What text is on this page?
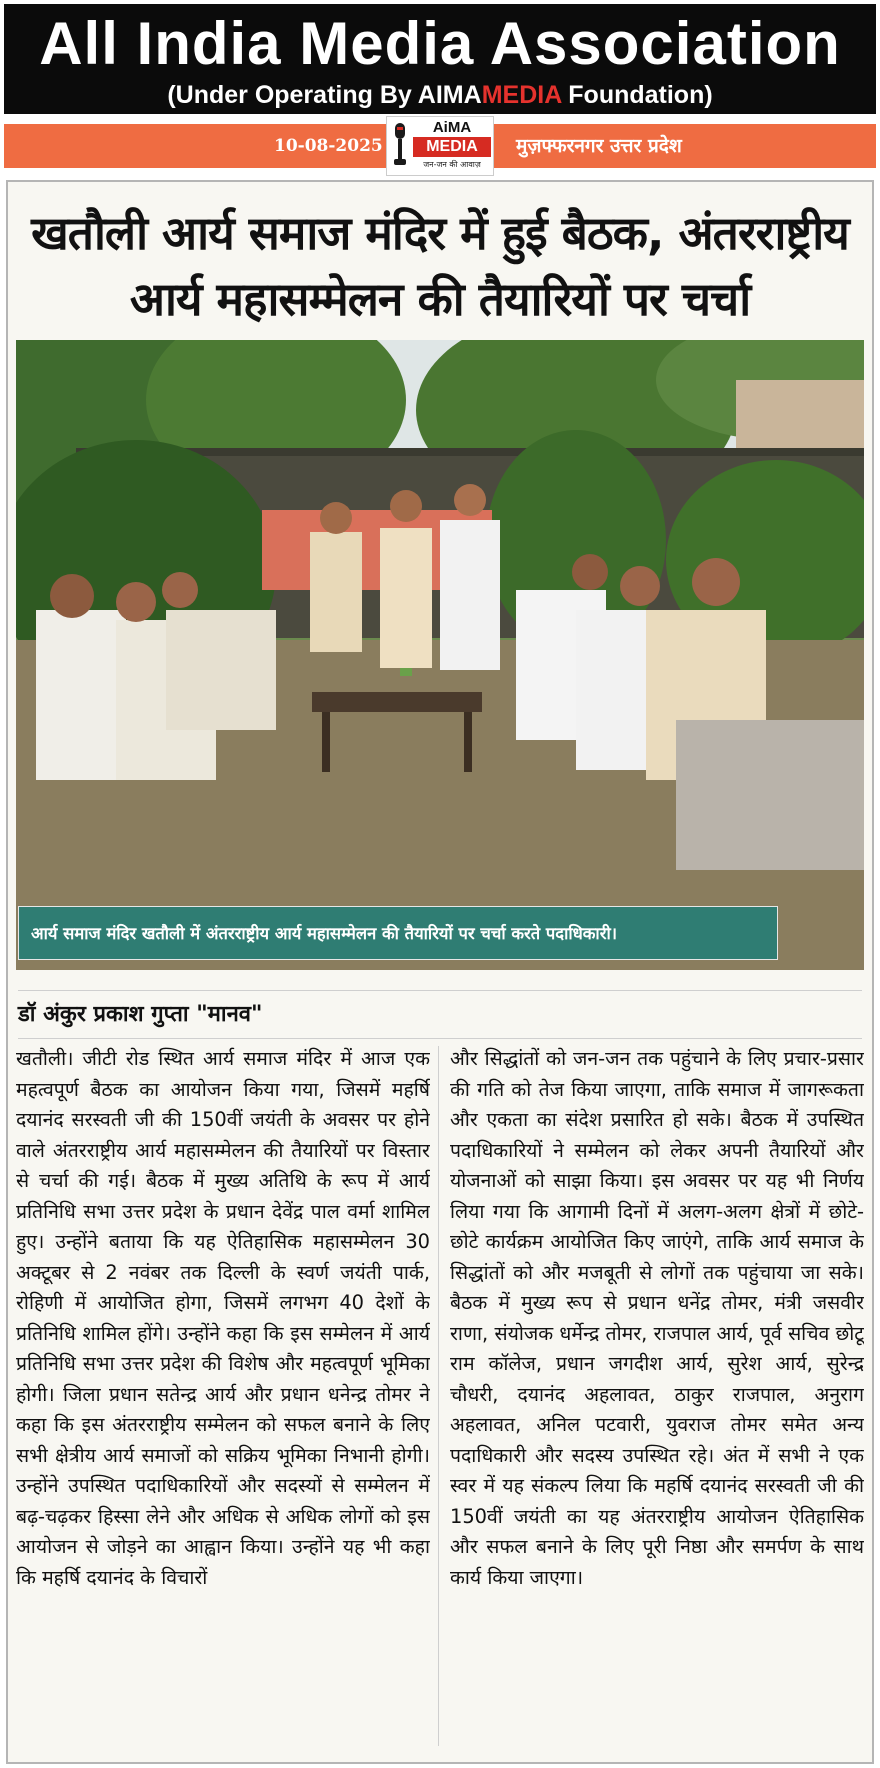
All India Media Association
(Under Operating By AIMAMEDIA Foundation)
10-08-2025	मुज़फ्फरनगर उत्तर प्रदेश
AiMA
MEDIA
जन-जन की आवाज़
खतौली आर्य समाज मंदिर में हुई बैठक, अंतरराष्ट्रीय आर्य महासम्मेलन की तैयारियों पर चर्चा
आर्य समाज मंदिर खतौली में अंतरराष्ट्रीय आर्य महासम्मेलन की तैयारियों पर चर्चा करते पदाधिकारी।
डॉ अंकुर प्रकाश गुप्ता "मानव"
खतौली। जीटी रोड स्थित आर्य समाज मंदिर में आज एक महत्वपूर्ण बैठक का आयोजन किया गया, जिसमें महर्षि दयानंद सरस्वती जी की 150वीं जयंती के अवसर पर होने वाले अंतरराष्ट्रीय आर्य महासम्मेलन की तैयारियों पर विस्तार से चर्चा की गई। बैठक में मुख्य अतिथि के रूप में आर्य प्रतिनिधि सभा उत्तर प्रदेश के प्रधान देवेंद्र पाल वर्मा शामिल हुए। उन्होंने बताया कि यह ऐतिहासिक महासम्मेलन 30 अक्टूबर से 2 नवंबर तक दिल्ली के स्वर्ण जयंती पार्क, रोहिणी में आयोजित होगा, जिसमें लगभग 40 देशों के प्रतिनिधि शामिल होंगे। उन्होंने कहा कि इस सम्मेलन में आर्य प्रतिनिधि सभा उत्तर प्रदेश की विशेष और महत्वपूर्ण भूमिका होगी। जिला प्रधान सतेन्द्र आर्य और प्रधान धनेन्द्र तोमर ने कहा कि इस अंतरराष्ट्रीय सम्मेलन को सफल बनाने के लिए सभी क्षेत्रीय आर्य समाजों को सक्रिय भूमिका निभानी होगी। उन्होंने उपस्थित पदाधिकारियों और सदस्यों से सम्मेलन में बढ़-चढ़कर हिस्सा लेने और अधिक से अधिक लोगों को इस आयोजन से जोड़ने का आह्वान किया। उन्होंने यह भी कहा कि महर्षि दयानंद के विचारों
और सिद्धांतों को जन-जन तक पहुंचाने के लिए प्रचार-प्रसार की गति को तेज किया जाएगा, ताकि समाज में जागरूकता और एकता का संदेश प्रसारित हो सके। बैठक में उपस्थित पदाधिकारियों ने सम्मेलन को लेकर अपनी तैयारियों और योजनाओं को साझा किया। इस अवसर पर यह भी निर्णय लिया गया कि आगामी दिनों में अलग-अलग क्षेत्रों में छोटे-छोटे कार्यक्रम आयोजित किए जाएंगे, ताकि आर्य समाज के सिद्धांतों को और मजबूती से लोगों तक पहुंचाया जा सके। बैठक में मुख्य रूप से प्रधान धनेंद्र तोमर, मंत्री जसवीर राणा, संयोजक धर्मेन्द्र तोमर, राजपाल आर्य, पूर्व सचिव छोटू राम कॉलेज, प्रधान जगदीश आर्य, सुरेश आर्य, सुरेन्द्र चौधरी, दयानंद अहलावत, ठाकुर राजपाल, अनुराग अहलावत, अनिल पटवारी, युवराज तोमर समेत अन्य पदाधिकारी और सदस्य उपस्थित रहे। अंत में सभी ने एक स्वर में यह संकल्प लिया कि महर्षि दयानंद सरस्वती जी की 150वीं जयंती का यह अंतरराष्ट्रीय आयोजन ऐतिहासिक और सफल बनाने के लिए पूरी निष्ठा और समर्पण के साथ कार्य किया जाएगा।
